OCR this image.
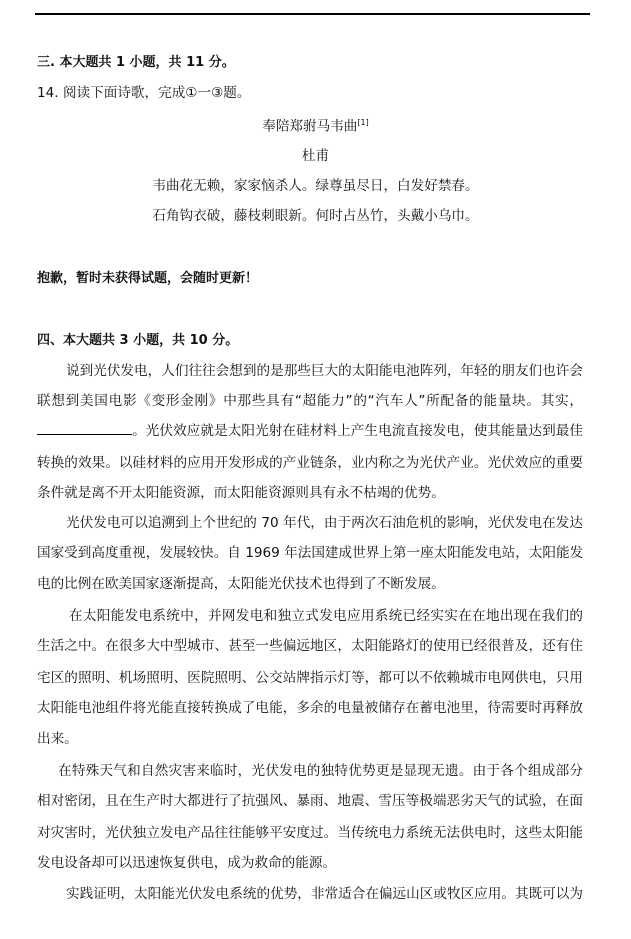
三. 本大题共 1 小题，共 11 分。
14. 阅读下面诗歌，完成①一③题。
奉陪郑驸马韦曲[1]
杜甫
韦曲花无赖，家家恼杀人。绿尊虽尽日，白发好禁春。
石角钩衣破，藤枝刺眼新。何时占丛竹，头戴小乌巾。
抱歉，暂时未获得试题，会随时更新！
四、本大题共 3 小题，共 10 分。
说到光伏发电，人们往往会想到的是那些巨大的太阳能电池阵列，年轻的朋友们也许会
联想到美国电影《变形金刚》中那些具有“超能力”的“汽车人”所配备的能量块。其实，
。光伏效应就是太阳光射在硅材料上产生电流直接发电，使其能量达到最佳
转换的效果。以硅材料的应用开发形成的产业链条，业内称之为光伏产业。光伏效应的重要
条件就是离不开太阳能资源，而太阳能资源则具有永不枯竭的优势。
光伏发电可以追溯到上个世纪的 70 年代，由于两次石油危机的影响，光伏发电在发达
国家受到高度重视，发展较快。自 1969 年法国建成世界上第一座太阳能发电站，太阳能发
电的比例在欧美国家逐渐提高，太阳能光伏技术也得到了不断发展。
在太阳能发电系统中，并网发电和独立式发电应用系统已经实实在在地出现在我们的
生活之中。在很多大中型城市、甚至一些偏远地区，太阳能路灯的使用已经很普及，还有住
宅区的照明、机场照明、医院照明、公交站牌指示灯等，都可以不依赖城市电网供电，只用
太阳能电池组件将光能直接转换成了电能，多余的电量被储存在蓄电池里，待需要时再释放
出来。
在特殊天气和自然灾害来临时，光伏发电的独特优势更是显现无遗。由于各个组成部分
相对密闭，且在生产时大都进行了抗强风、暴雨、地震、雪压等极端恶劣天气的试验，在面
对灾害时，光伏独立发电产品往往能够平安度过。当传统电力系统无法供电时，这些太阳能
发电设备却可以迅速恢复供电，成为救命的能源。
实践证明，太阳能光伏发电系统的优势，非常适合在偏远山区或牧区应用。其既可以为
